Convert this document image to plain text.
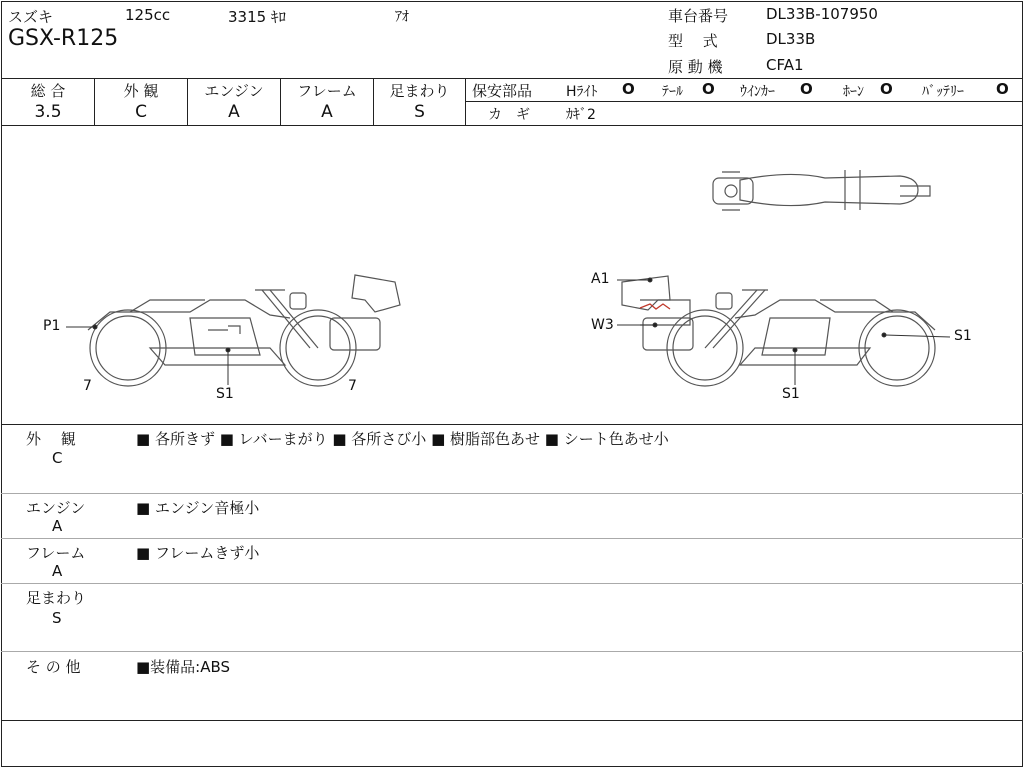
スズキ	125cc	3315 ｷﾛ	ｱｵ
GSX-R125
車台番号	DL33B-107950
型　 式	DL33B
原 動 機	CFA1
総 合
3.5
外 観
C
エンジン
A
フレーム
A
足まわり
S
保安部品 Hﾗｲﾄ O ﾃｰﾙ O ｳｲﾝｶｰ O ﾎｰﾝ O ﾊﾞｯﾃﾘｰ O
カ　ギ	ｶｷﾞ2
P1
7	S1	7
A1
W3
S1
S1
外　 観
C
■ 各所きず ■ レバーまがり ■ 各所さび小 ■ 樹脂部色あせ ■ シート色あせ小
エンジン
A
■ エンジン音極小
フレーム
A
■ フレームきず小
足まわり
S
そ の 他	■装備品:ABS
